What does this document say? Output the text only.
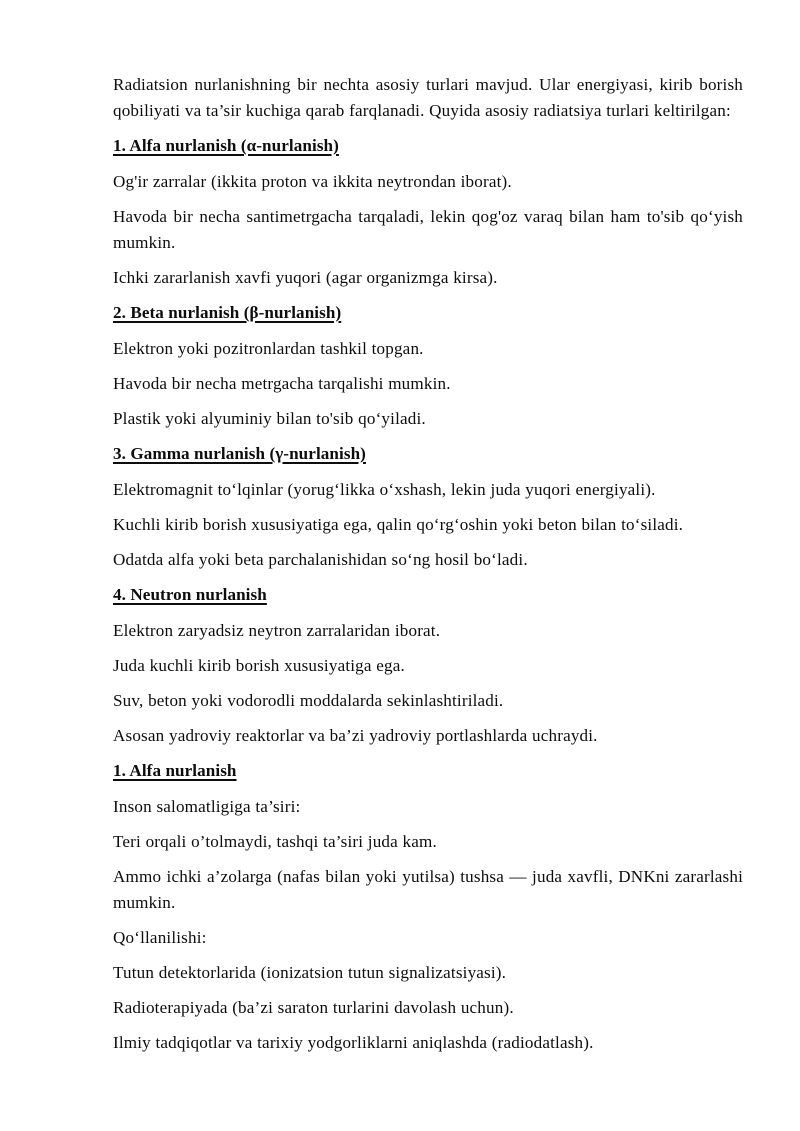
Radiatsion nurlanishning bir nechta asosiy turlari mavjud. Ular energiyasi, kirib borish qobiliyati va ta’sir kuchiga qarab farqlanadi. Quyida asosiy radiatsiya turlari keltirilgan:

1. Alfa nurlanish (α-nurlanish)

Og'ir zarralar (ikkita proton va ikkita neytrondan iborat).

Havoda bir necha santimetrgacha tarqaladi, lekin qog'oz varaq bilan ham to'sib qoʻyish mumkin.

Ichki zararlanish xavfi yuqori (agar organizmga kirsa).

2. Beta nurlanish (β-nurlanish)

Elektron yoki pozitronlardan tashkil topgan.

Havoda bir necha metrgacha tarqalishi mumkin.

Plastik yoki alyuminiy bilan to'sib qoʻyiladi.

3. Gamma nurlanish (γ-nurlanish)

Elektromagnit toʻlqinlar (yorugʻlikka oʻxshash, lekin juda yuqori energiyali).

Kuchli kirib borish xususiyatiga ega, qalin qoʻrgʻoshin yoki beton bilan toʻsiladi.

Odatda alfa yoki beta parchalanishidan soʻng hosil boʻladi.

4. Neutron nurlanish

Elektron zaryadsiz neytron zarralaridan iborat.

Juda kuchli kirib borish xususiyatiga ega.

Suv, beton yoki vodorodli moddalarda sekinlashtiriladi.

Asosan yadroviy reaktorlar va ba’zi yadroviy portlashlarda uchraydi.

1. Alfa nurlanish

Inson salomatligiga ta’siri:

Teri orqali o’tolmaydi, tashqi ta’siri juda kam.

Ammo ichki a’zolarga (nafas bilan yoki yutilsa) tushsa — juda xavfli, DNKni zararlashi mumkin.

Qoʻllanilishi:

Tutun detektorlarida (ionizatsion tutun signalizatsiyasi).

Radioterapiyada (ba’zi saraton turlarini davolash uchun).

Ilmiy tadqiqotlar va tarixiy yodgorliklarni aniqlashda (radiodatlash).
